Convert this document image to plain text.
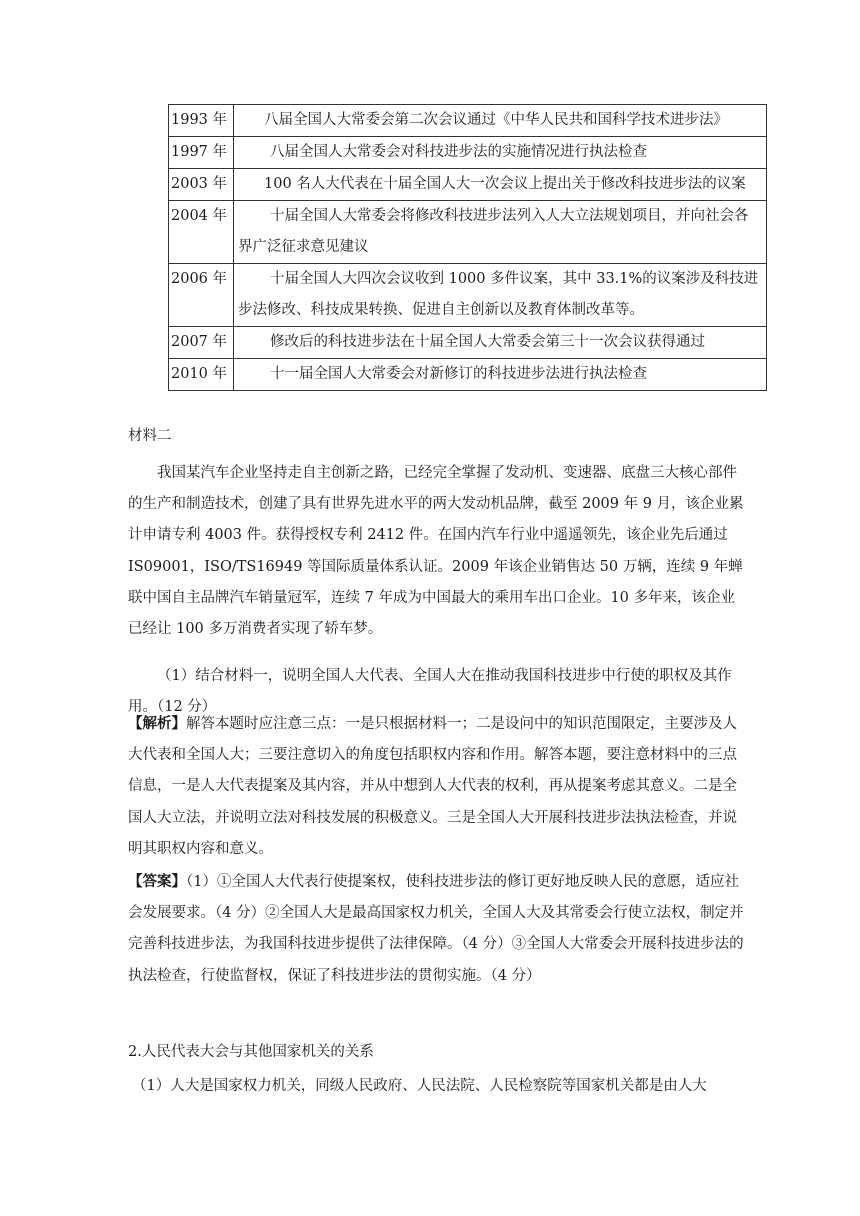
1993 年	八届全国人大常委会第二次会议通过《中华人民共和国科学技术进步法》
1997 年	八届全国人大常委会对科技进步法的实施情况进行执法检查
2003 年	100 名人大代表在十届全国人大一次会议上提出关于修改科技进步法的议案
2004 年	十届全国人大常委会将修改科技进步法列入人大立法规划项目，并向社会各界广泛征求意见建议
2006 年	十届全国人大四次会议收到 1000 多件议案，其中 33.1%的议案涉及科技进步法修改、科技成果转换、促进自主创新以及教育体制改革等。
2007 年	修改后的科技进步法在十届全国人大常委会第三十一次会议获得通过
2010 年	十一届全国人大常委会对新修订的科技进步法进行执法检查
材料二

我国某汽车企业坚持走自主创新之路，已经完全掌握了发动机、变速器、底盘三大核心部件的生产和制造技术，创建了具有世界先进水平的两大发动机品牌，截至 2009 年 9 月，该企业累计申请专利 4003 件。获得授权专利 2412 件。在国内汽车行业中遥遥领先，该企业先后通过 IS09001，ISO/TS16949 等国际质量体系认证。2009 年该企业销售达 50 万辆，连续 9 年蝉联中国自主品牌汽车销量冠军，连续 7 年成为中国最大的乘用车出口企业。10 多年来，该企业已经让 100 多万消费者实现了轿车梦。

（1）结合材料一，说明全国人大代表、全国人大在推动我国科技进步中行使的职权及其作用。（12 分）

【解析】解答本题时应注意三点：一是只根据材料一；二是设问中的知识范围限定，主要涉及人大代表和全国人大；三要注意切入的角度包括职权内容和作用。解答本题，要注意材料中的三点信息，一是人大代表提案及其内容，并从中想到人大代表的权利，再从提案考虑其意义。二是全国人大立法，并说明立法对科技发展的积极意义。三是全国人大开展科技进步法执法检查，并说明其职权内容和意义。

【答案】（1）①全国人大代表行使提案权，使科技进步法的修订更好地反映人民的意愿，适应社会发展要求。（4 分）②全国人大是最高国家权力机关，全国人大及其常委会行使立法权，制定并完善科技进步法，为我国科技进步提供了法律保障。（4 分）③全国人大常委会开展科技进步法的执法检查，行使监督权，保证了科技进步法的贯彻实施。（4 分）

2.人民代表大会与其他国家机关的关系

（1）人大是国家权力机关，同级人民政府、人民法院、人民检察院等国家机关都是由人大
